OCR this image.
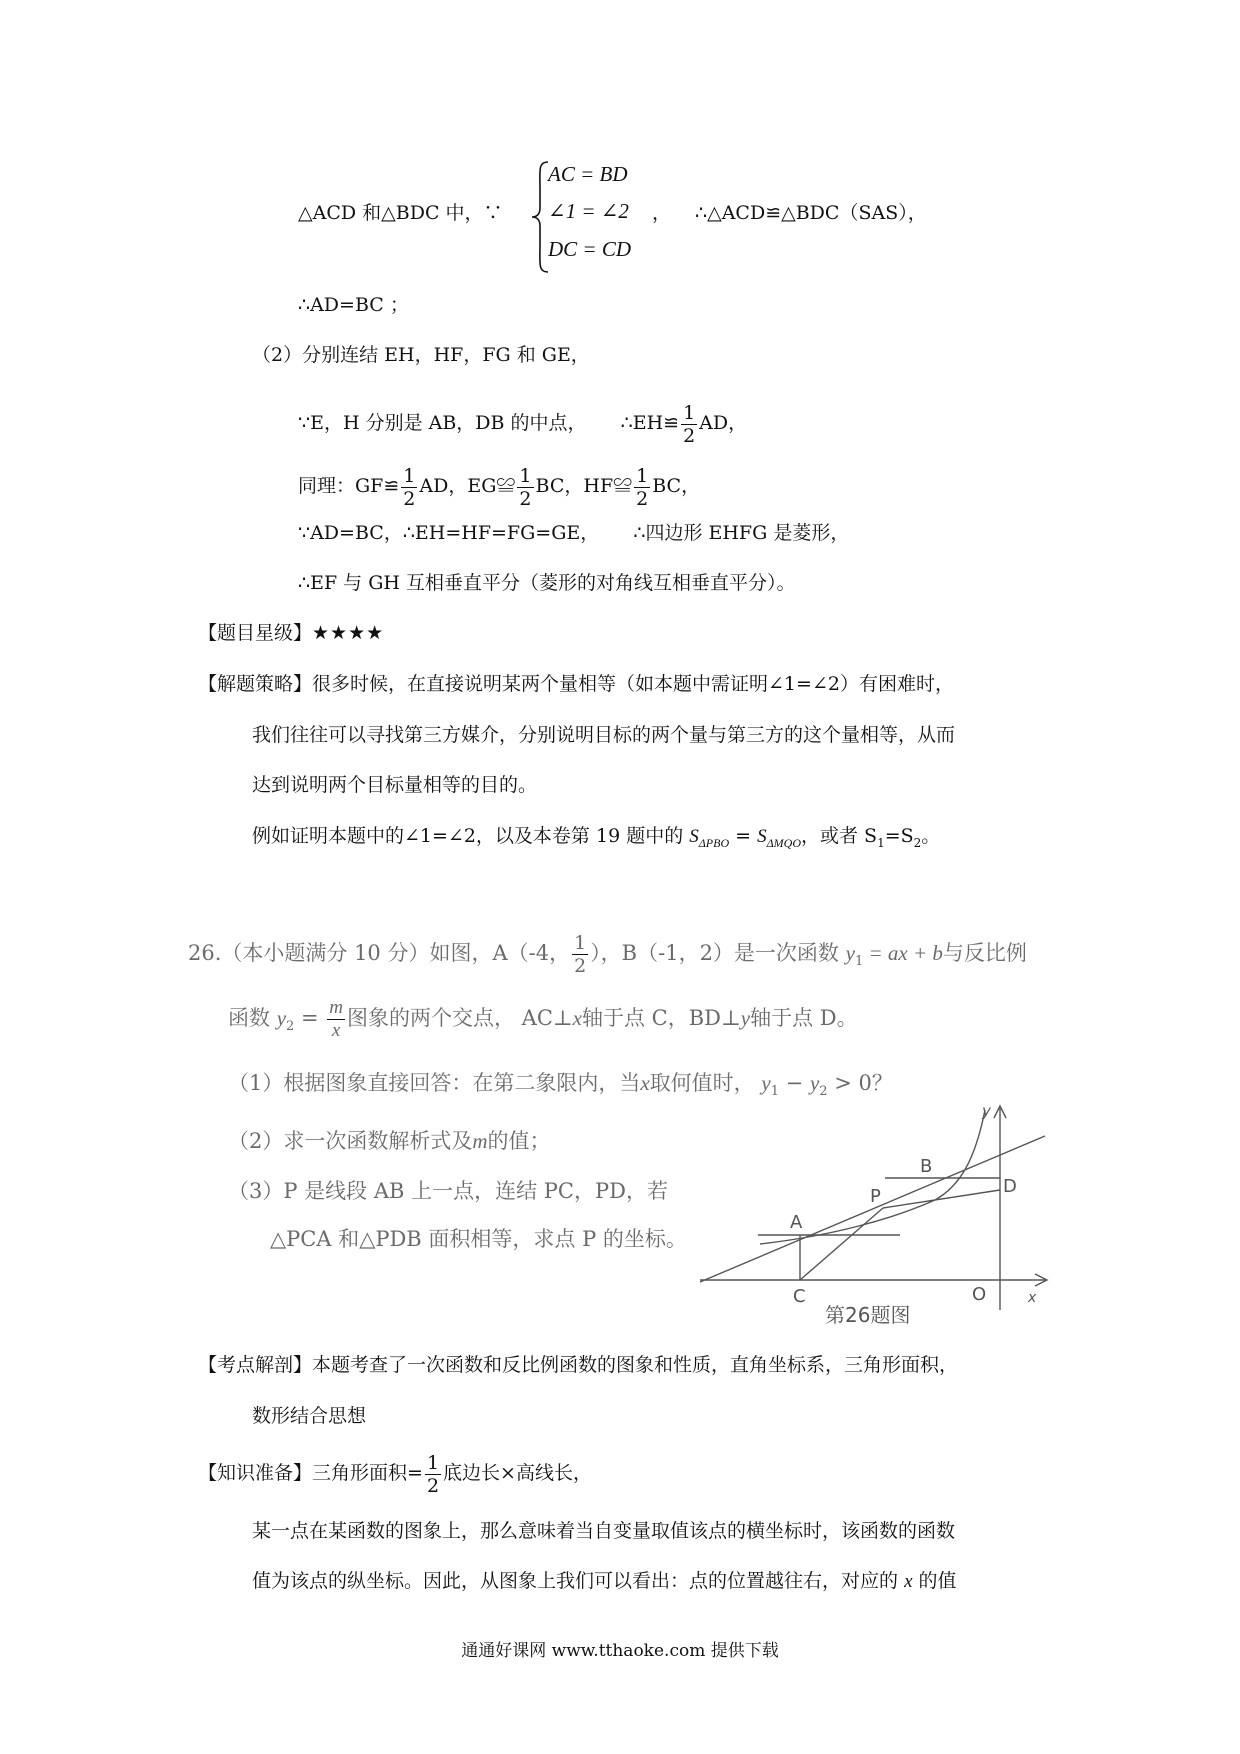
△ACD 和△BDC 中，∵
AC = BD
∠1 = ∠2
DC = CD
， ∴△ACD≌△BDC（SAS），
∴AD=BC ；
（2）分别连结 EH，HF，FG 和 GE，
∵E，H 分别是 AB，DB 的中点， ∴EH≌ $\frac{1}{2}$ AD，
同理：GF≌ $\frac{1}{2}$ AD，EG≌ $\frac{1}{2}$ BC，HF≌ $\frac{1}{2}$ BC，
∵AD=BC，∴EH=HF=FG=GE， ∴四边形 EHFG 是菱形，
∴EF 与 GH 互相垂直平分（菱形的对角线互相垂直平分）。
【题目星级】★★★★
【解题策略】很多时候，在直接说明某两个量相等（如本题中需证明∠1=∠2）有困难时，
我们往往可以寻找第三方媒介，分别说明目标的两个量与第三方的这个量相等，从而
达到说明两个目标量相等的目的。
例如证明本题中的∠1=∠2，以及本卷第 19 题中的 $S_{\Delta PBO} = S_{\Delta MQO}$，或者 $S_1=S_2$。
26.（本小题满分 10 分）如图，A（-4， $\frac{1}{2}$ ），B（-1，2）是一次函数 $y_1$ = ax + b与反比例
函数 $y_2 = \frac{m}{x}$ 图象的两个交点， AC⊥x轴于点 C，BD⊥y轴于点 D。
（1）根据图象直接回答：在第二象限内，当x取何值时， $y_1 - y_2 > 0$？
（2）求一次函数解析式及m的值；
（3）P 是线段 AB 上一点，连结 PC，PD，若
△PCA 和△PDB 面积相等，求点 P 的坐标。
A
B
C
D
P
O	x
y
第26题图
【考点解剖】本题考查了一次函数和反比例函数的图象和性质，直角坐标系，三角形面积，
数形结合思想
【知识准备】三角形面积= $\frac{1}{2}$ 底边长×高线长，
某一点在某函数的图象上，那么意味着当自变量取值该点的横坐标时，该函数的函数
值为该点的纵坐标。因此，从图象上我们可以看出：点的位置越往右，对应的 x 的值
通通好课网 www.tthaoke.com 提供下载
